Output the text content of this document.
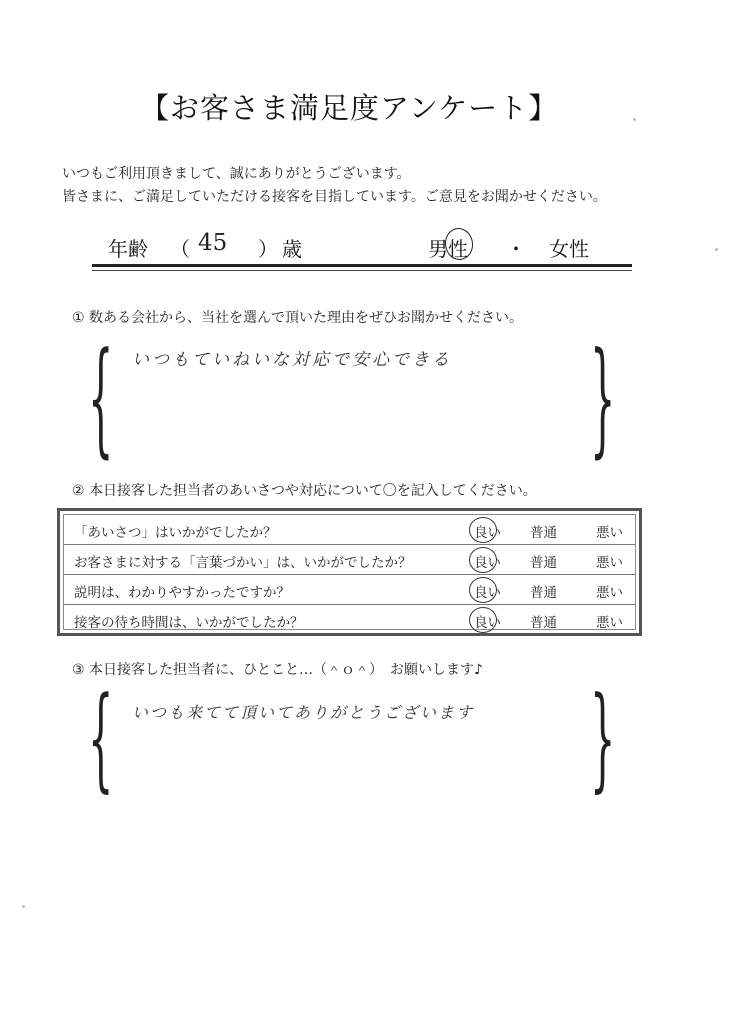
【お客さま満足度アンケート】
いつもご利用頂きまして、誠にありがとうございます。
皆さまに、ご満足していただける接客を目指しています。ご意見をお聞かせください。
年齢 （ 45 ） 歳	男性 ・ 女性
① 数ある会社から、当社を選んで頂いた理由をぜひお聞かせください。
{ いつもていねいな対応で安心できる	}
② 本日接客した担当者のあいさつや対応について〇を記入してください。
「あいさつ」はいかがでしたか？	良い 普通	悪い
お客さまに対する「言葉づかい」は、いかがでしたか？	良い 普通	悪い
説明は、わかりやすかったですか？	良い 普通	悪い
接客の待ち時間は、いかがでしたか？	良い 普通	悪い
③ 本日接客した担当者に、ひとこと…（＾ｏ＾）　お願いします♪
{ いつも来てて頂いてありがとうございます	}
